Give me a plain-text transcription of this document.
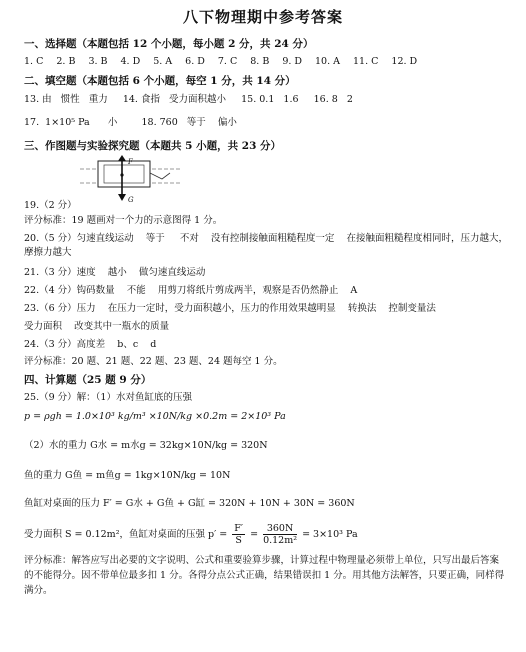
八下物理期中参考答案
一、选择题（本题包括 12 个小题，每小题 2 分，共 24 分）
1. C 2. B 3. B 4. D 5. A 6. D 7. C 8. B 9. D 10. A 11. C 12. D
二、填空题（本题包括 6 个小题，每空 1 分，共 14 分）
13. 由   惯性   重力     14. 食指   受力面积越小     15. 0.1   1.6     16. 8   2
17.  1×10⁵ Pa      小        18. 760   等于    偏小
三、作图题与实验探究题（本题共 5 小题，共 23 分）
F
G
19.（2 分）
评分标准：19 题画对一个力的示意图得 1 分。
20.（5 分）匀速直线运动    等于     不对    没有控制接触面粗糙程度一定    在接触面粗糙程度相同时，压力越大，摩擦力越大
21.（3 分）速度    越小    做匀速直线运动
22.（4 分）钩码数量    不能    用剪刀将纸片剪成两半，观察是否仍然静止    A
23.（6 分）压力    在压力一定时，受力面积越小，压力的作用效果越明显    转换法    控制变量法
受力面积    改变其中一瓶水的质量
24.（3 分）高度差    b、c    d
评分标准：20 题、21 题、22 题、23 题、24 题每空 1 分。
四、计算题（25 题 9 分）
25.（9 分）解：（1）水对鱼缸底的压强
p = ρgh = 1.0×10³ kg/m³ ×10N/kg ×0.2m = 2×10³ Pa
（2）水的重力 G水 = m水g = 32kg×10N/kg = 320N
鱼的重力 G鱼 = m鱼g = 1kg×10N/kg = 10N
鱼缸对桌面的压力 F′ = G水 + G鱼 + G缸 = 320N + 10N + 30N = 360N
受力面积 S = 0.12m²，鱼缸对桌面的压强 $p' = \frac{F'}{S} = \frac{360N}{\text{0.12m²}} = 3\times 10^3$ Pa
评分标准：解答应写出必要的文字说明、公式和重要验算步骤，计算过程中物理量必须带上单位，只写出最后答案的不能得分。因不带单位最多扣 1 分。各得分点公式正确，结果错误扣 1 分。用其他方法解答，只要正确，同样得满分。
